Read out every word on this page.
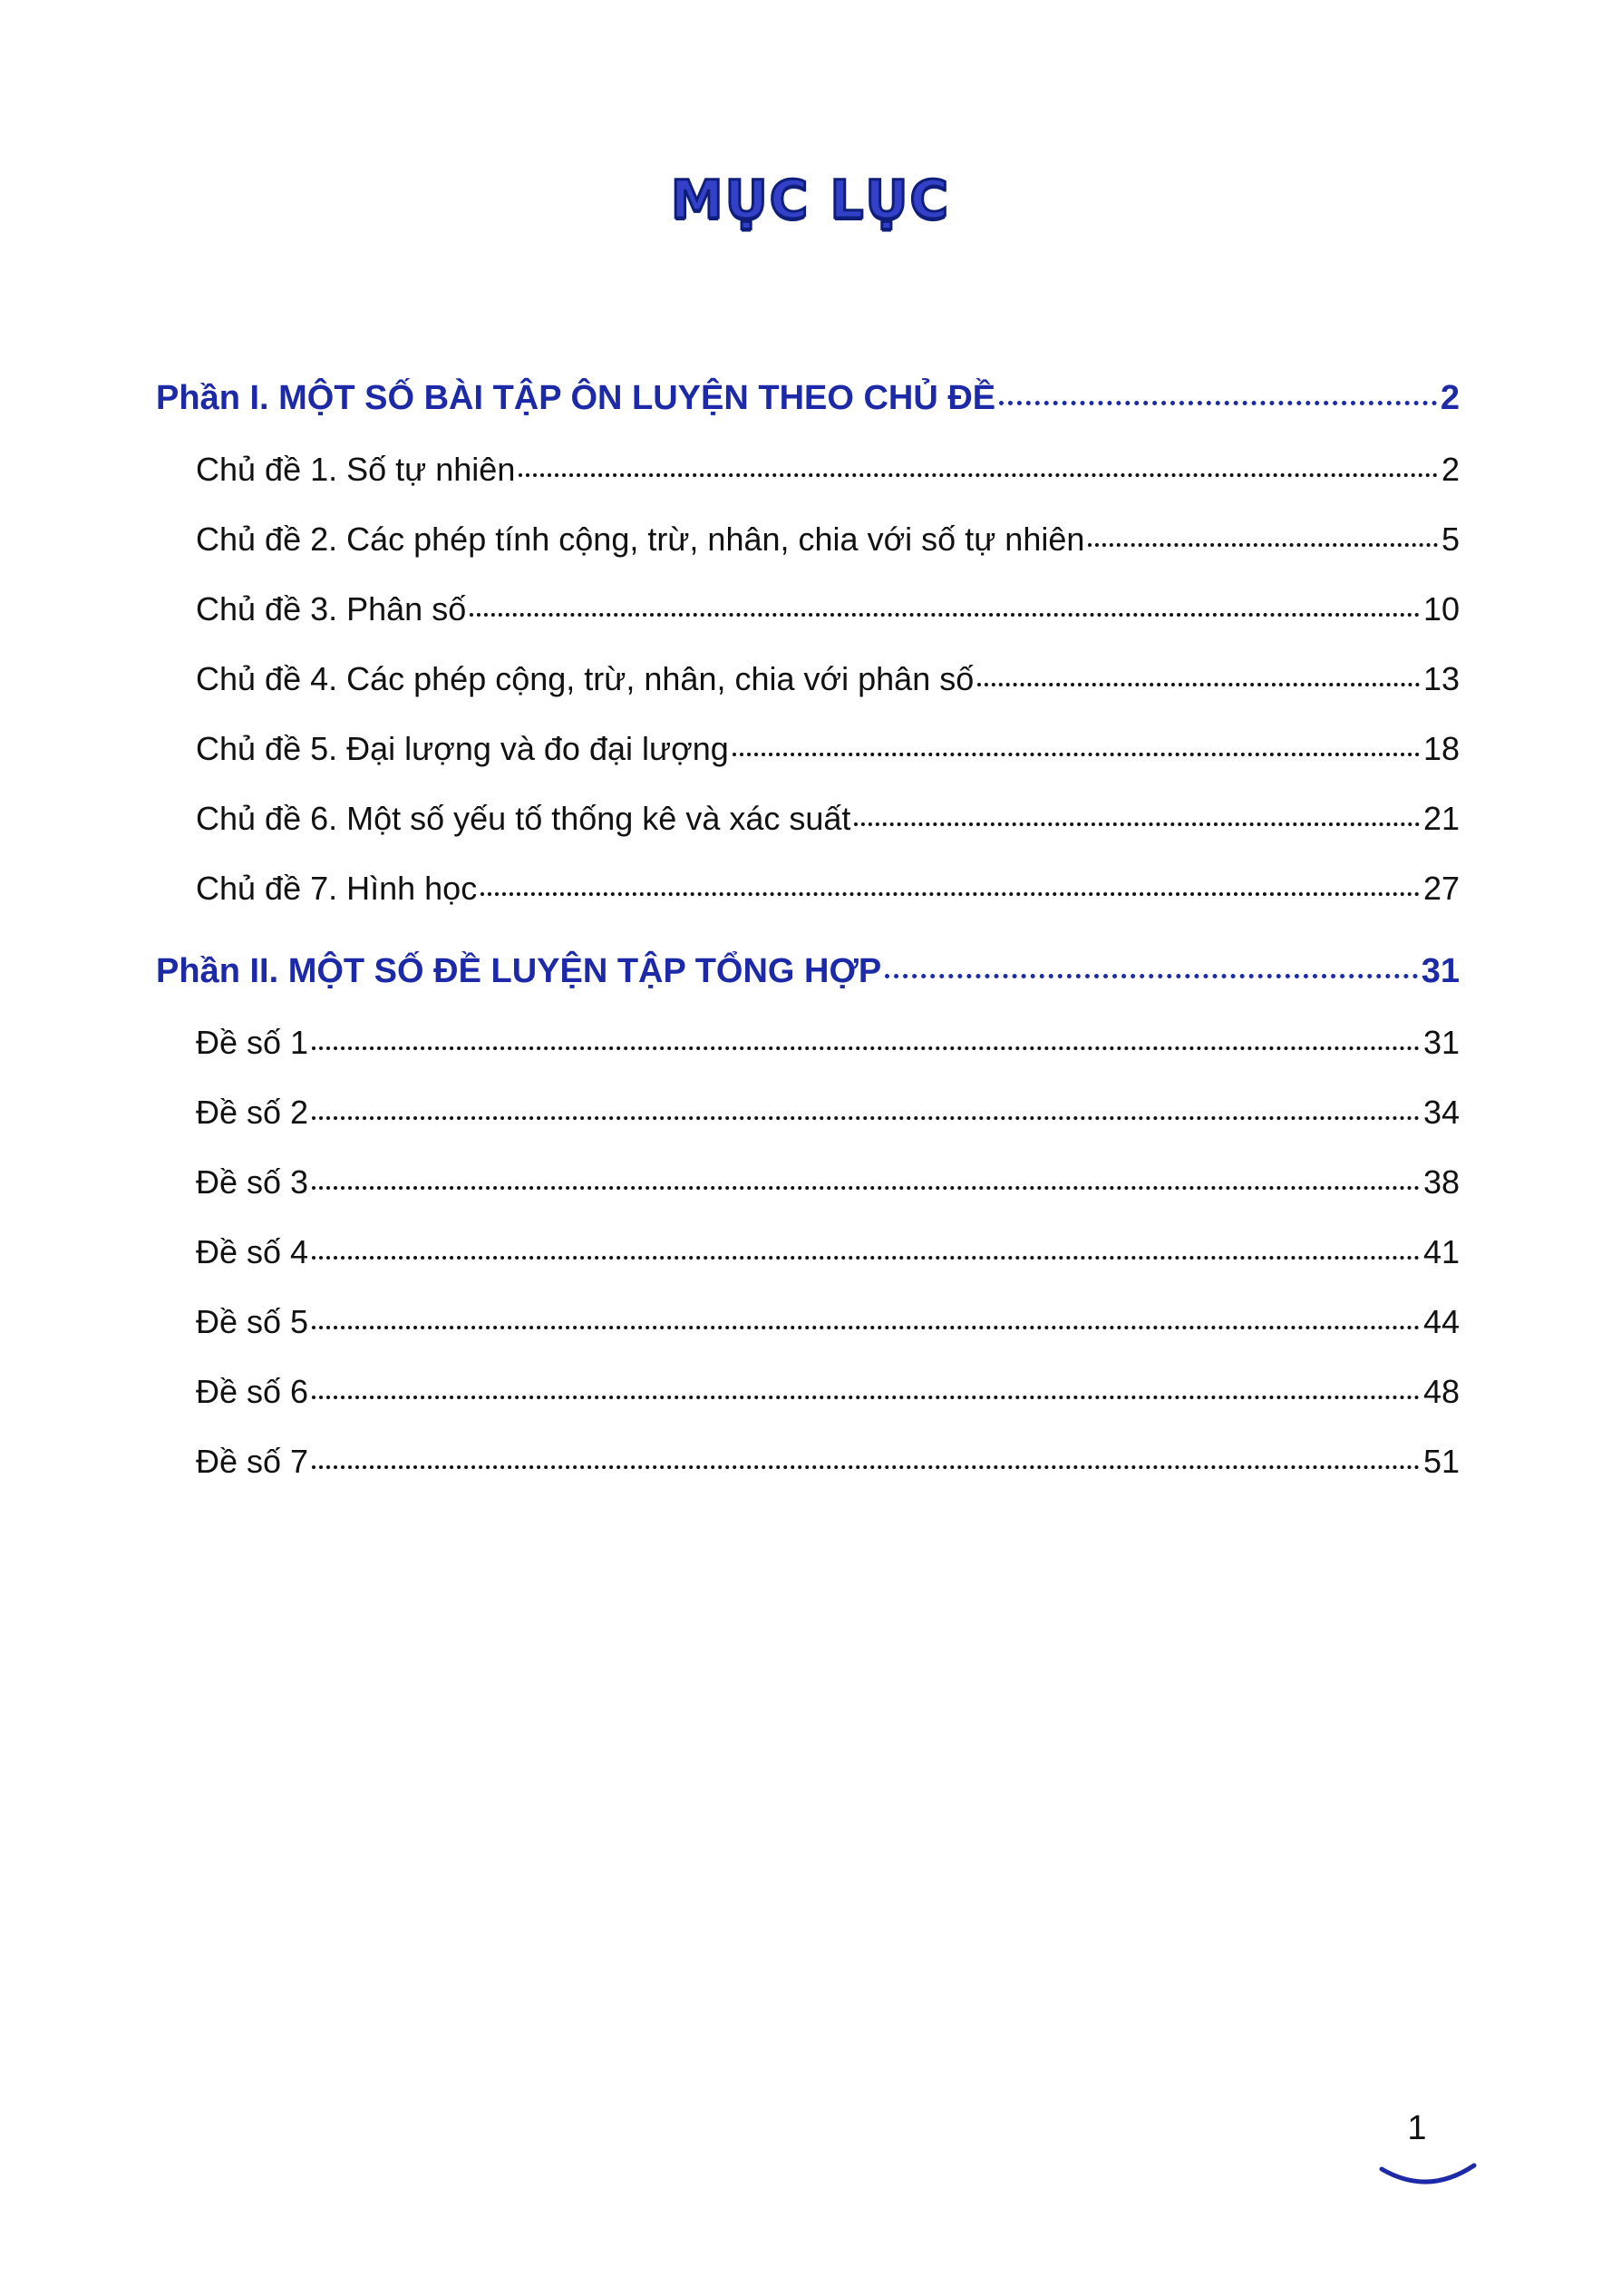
MỤC LỤC
Phần I. MỘT SỐ BÀI TẬP ÔN LUYỆN THEO CHỦ ĐỀ	2
Chủ đề 1. Số tự nhiên	2
Chủ đề 2. Các phép tính cộng, trừ, nhân, chia với số tự nhiên	5
Chủ đề 3. Phân số	10
Chủ đề 4. Các phép cộng, trừ, nhân, chia với phân số	13
Chủ đề 5. Đại lượng và đo đại lượng	18
Chủ đề 6. Một số yếu tố thống kê và xác suất	21
Chủ đề 7. Hình học	27
Phần II. MỘT SỐ ĐỀ LUYỆN TẬP TỔNG HỢP	31
Đề số 1	31
Đề số 2	34
Đề số 3	38
Đề số 4	41
Đề số 5	44
Đề số 6	48
Đề số 7	51
1
